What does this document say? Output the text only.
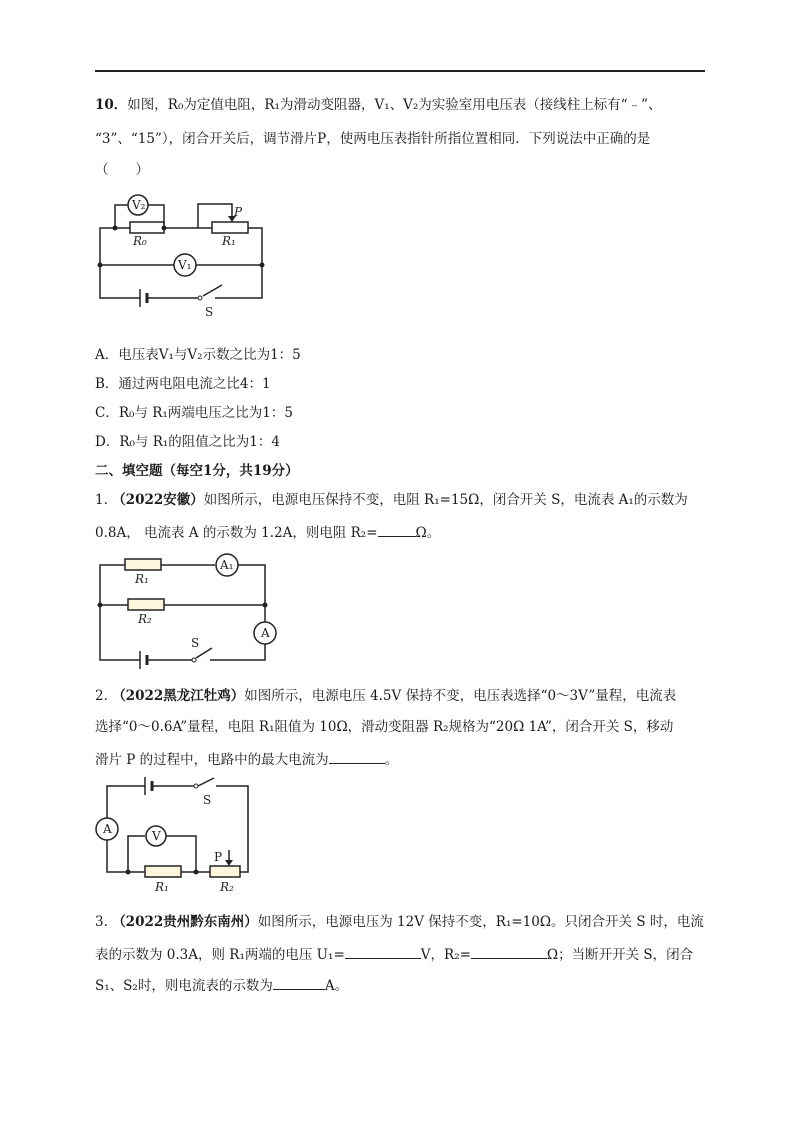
10．如图，R₀为定值电阻，R₁为滑动变阻器，V₁、V₂为实验室用电压表（接线柱上标有“﹣”、
“3”、“15”），闭合开关后，调节滑片P，使两电压表指针所指位置相同．下列说法中正确的是
（　　）
V₂
V₁
R₀	R₁
P
S
R₁
R₂
A₁
A
S
A	V
S
P
R₁	R₂
A．电压表V₁与V₂示数之比为1：5
B．通过两电阻电流之比4：1
C．R₀与 R₁两端电压之比为1：5
D．R₀与 R₁的阻值之比为1：4
二、填空题（每空1分，共19分）
1. （2022安徽）如图所示，电源电压保持不变，电阻 R₁=15Ω，闭合开关 S，电流表 A₁的示数为
0.8A， 电流表 A 的示数为 1.2A，则电阻 R₂=	Ω。
2. （2022黑龙江牡鸡）如图所示，电源电压 4.5V 保持不变，电压表选择“0～3V”量程，电流表
选择“0～0.6A”量程，电阻 R₁阻值为 10Ω，滑动变阻器 R₂规格为“20Ω 1A”，闭合开关 S，移动
滑片 P 的过程中，电路中的最大电流为	。
3. （2022贵州黔东南州）如图所示，电源电压为 12V 保持不变，R₁=10Ω。只闭合开关 S 时，电流
表的示数为 0.3A，则 R₁两端的电压 U₁=	V，R₂=	Ω；当断开开关 S，闭合
S₁、S₂时，则电流表的示数为	A。
